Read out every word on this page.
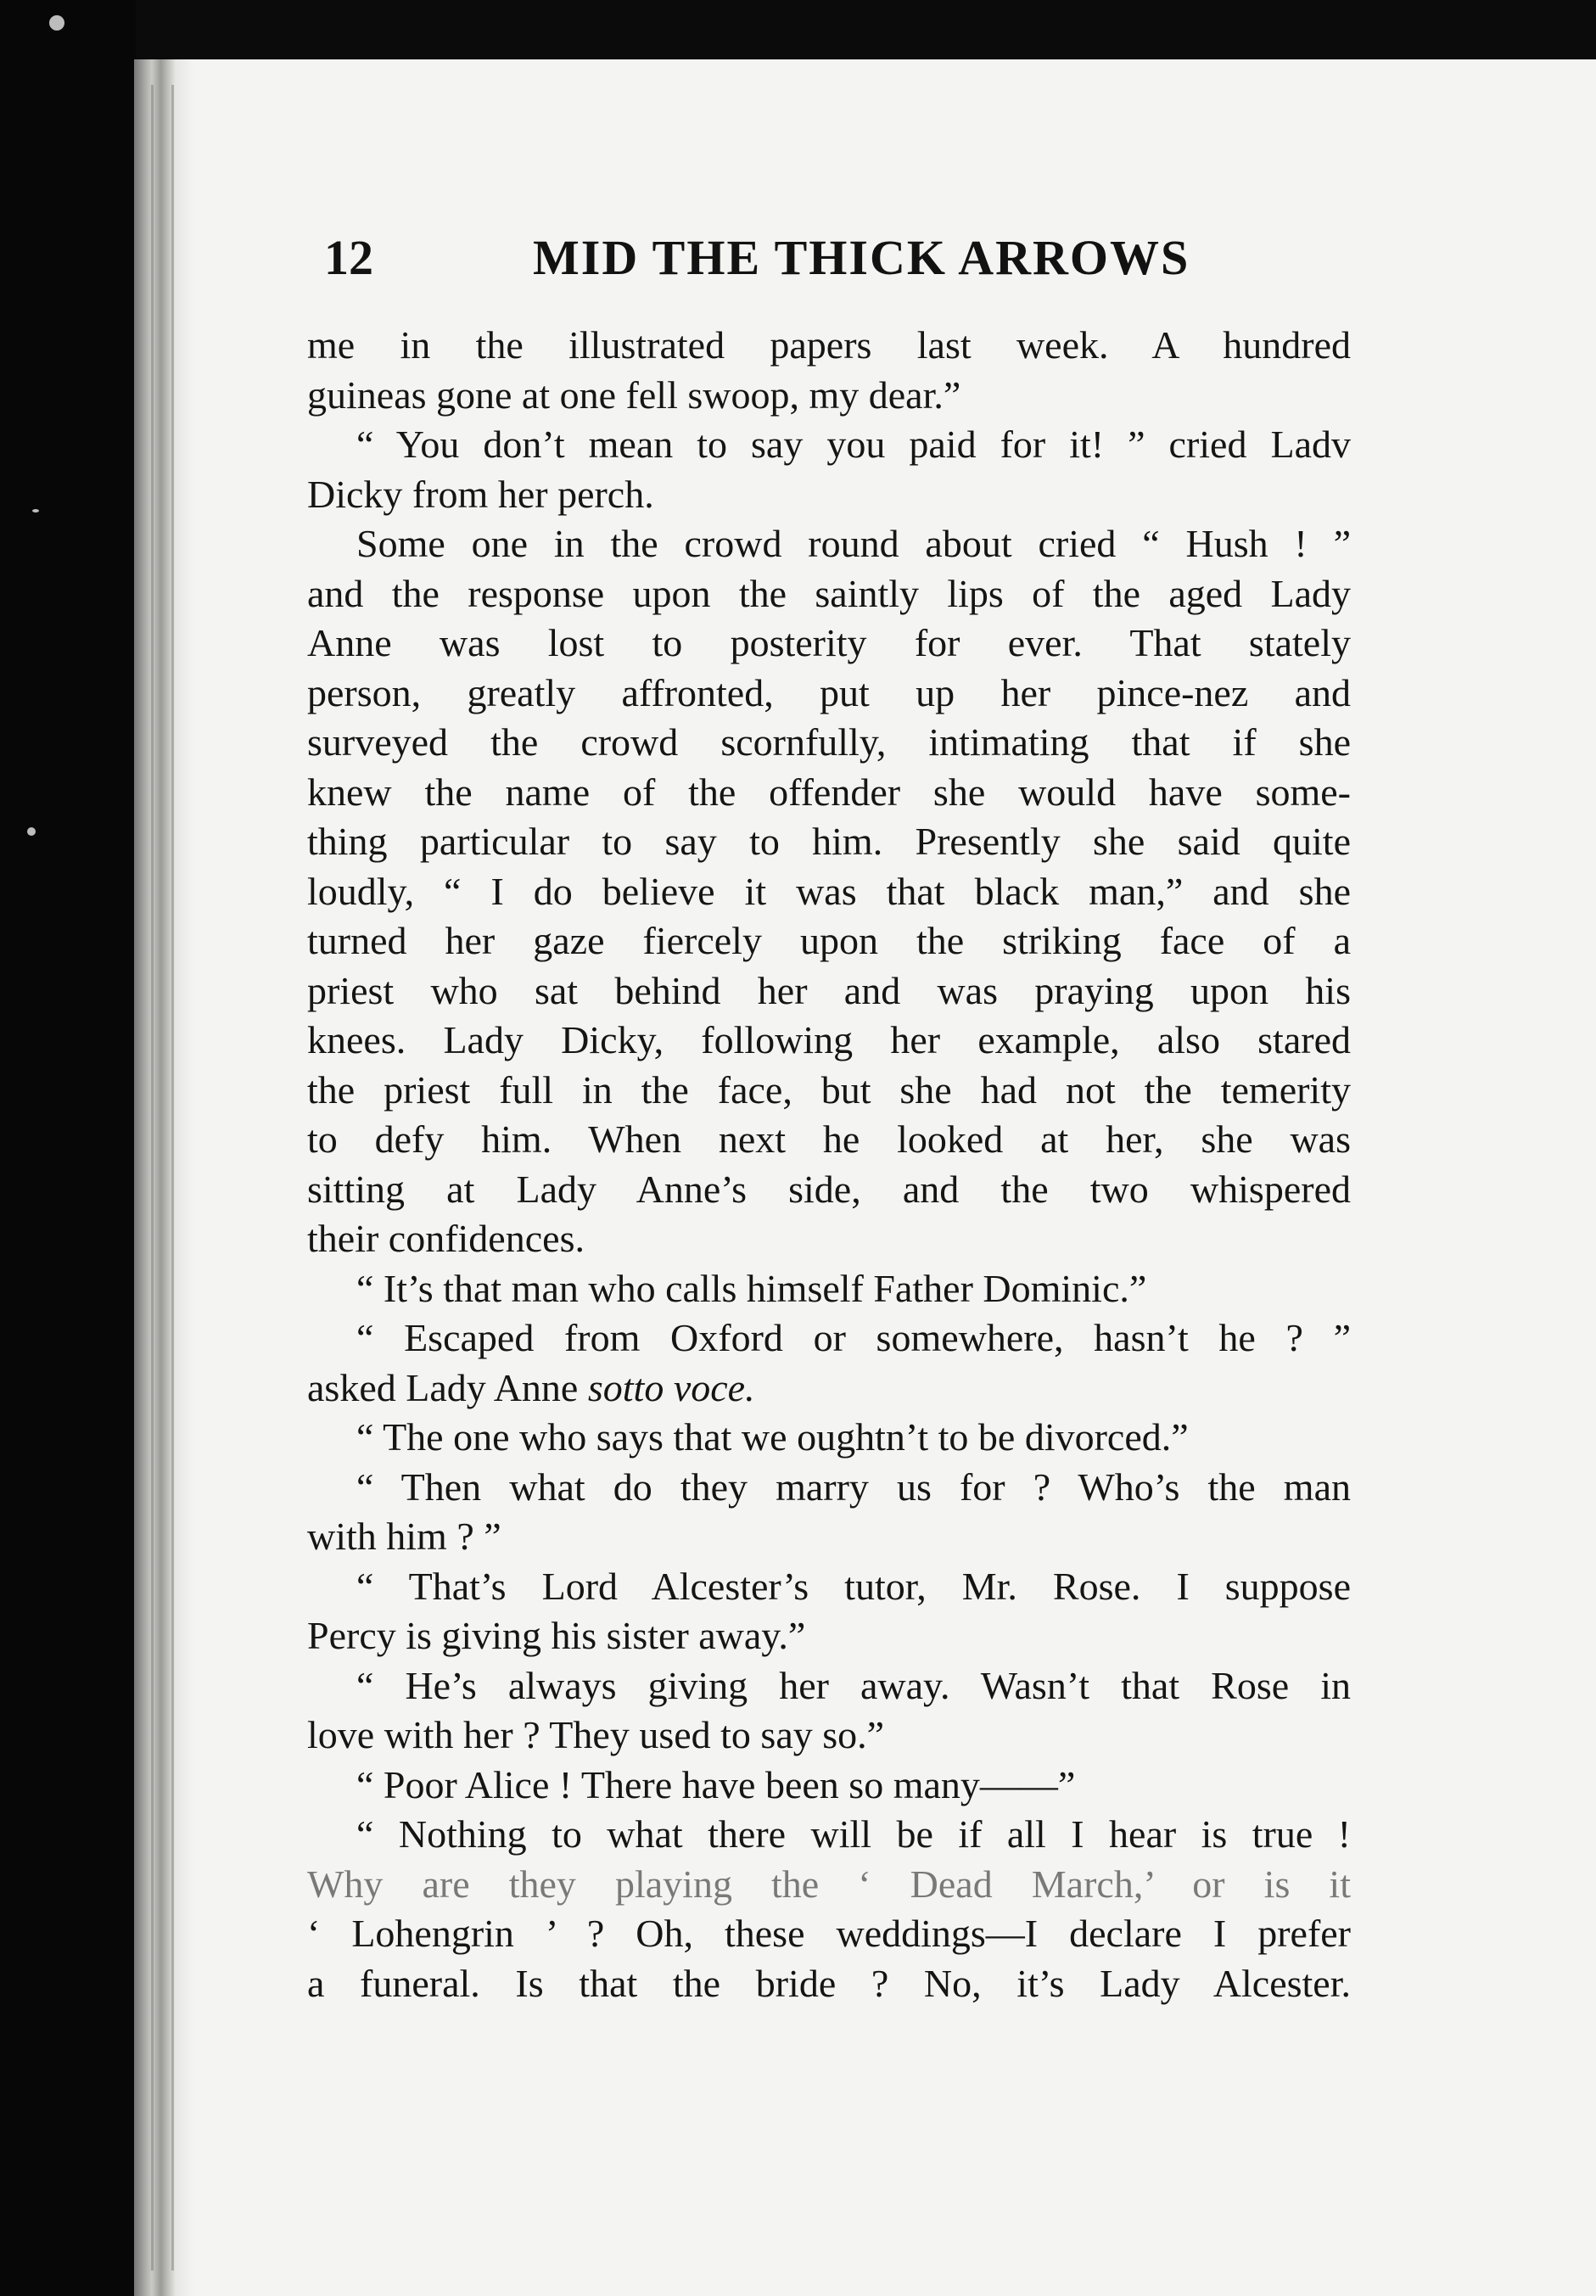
12	MID THE THICK ARROWS
me in the illustrated papers last week. A hundred
guineas gone at one fell swoop, my dear.”
“ You don’t mean to say you paid for it! ” cried Ladv
Dicky from her perch.
Some one in the crowd round about cried “ Hush ! ”
and the response upon the saintly lips of the aged Lady
Anne was lost to posterity for ever. That stately
person, greatly affronted, put up her pince-nez and
surveyed the crowd scornfully, intimating that if she
knew the name of the offender she would have some-
thing particular to say to him. Presently she said quite
loudly, “ I do believe it was that black man,” and she
turned her gaze fiercely upon the striking face of a
priest who sat behind her and was praying upon his
knees. Lady Dicky, following her example, also stared
the priest full in the face, but she had not the temerity
to defy him. When next he looked at her, she was
sitting at Lady Anne’s side, and the two whispered
their confidences.
“ It’s that man who calls himself Father Dominic.”
“ Escaped from Oxford or somewhere, hasn’t he ? ”
asked Lady Anne sotto voce.
“ The one who says that we oughtn’t to be divorced.”
“ Then what do they marry us for ? Who’s the man
with him ? ”
“ That’s Lord Alcester’s tutor, Mr. Rose. I suppose
Percy is giving his sister away.”
“ He’s always giving her away. Wasn’t that Rose in
love with her ? They used to say so.”
“ Poor Alice ! There have been so many——”
“ Nothing to what there will be if all I hear is true !
Why are they playing the ‘ Dead March,’ or is it
‘ Lohengrin ’ ? Oh, these weddings—I declare I prefer
a funeral. Is that the bride ? No, it’s Lady Alcester.
